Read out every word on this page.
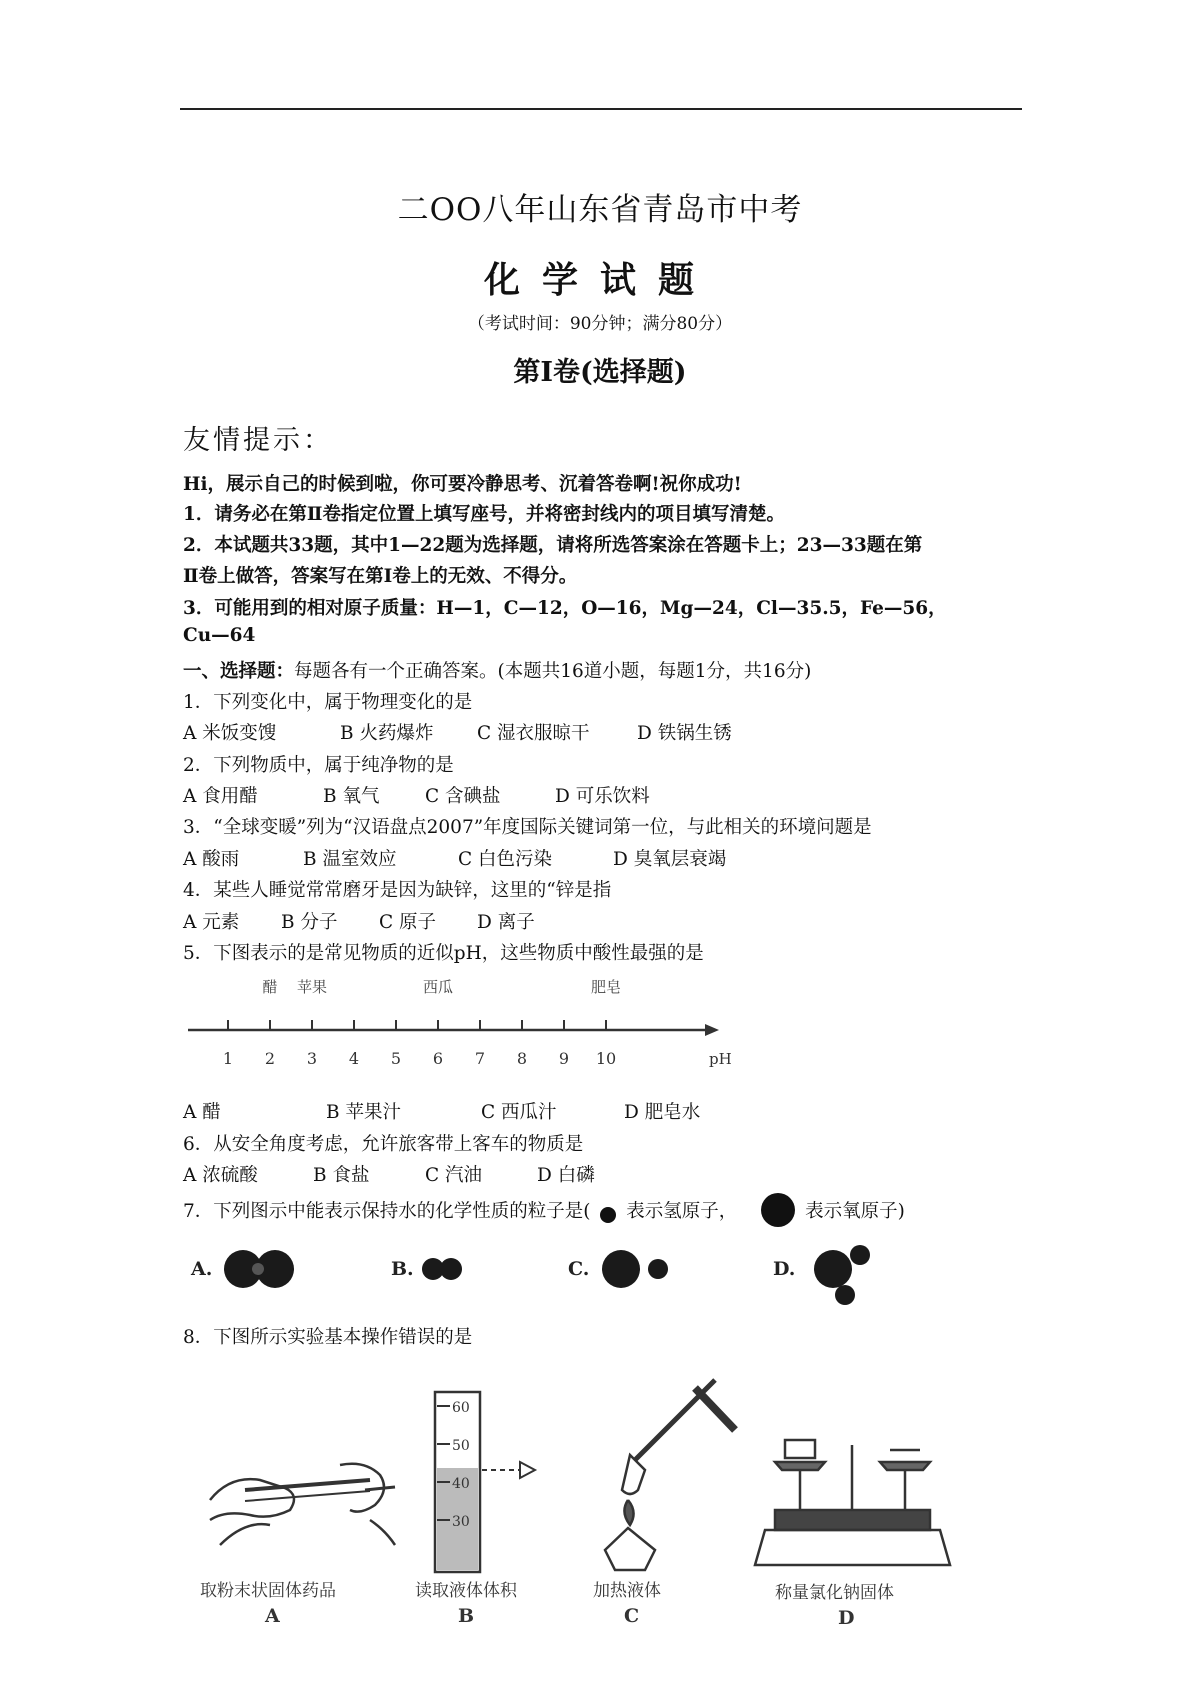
二OO八年山东省青岛市中考
化学试题
（考试时间：90分钟；满分80分）
第Ⅰ卷(选择题)
友情提示：
Hi，展示自己的时候到啦，你可要冷静思考、沉着答卷啊!祝你成功!
1．请务必在第Ⅱ卷指定位置上填写座号，并将密封线内的项目填写清楚。
2．本试题共33题，其中1—22题为选择题，请将所选答案涂在答题卡上；23—33题在第
Ⅱ卷上做答，答案写在第Ⅰ卷上的无效、不得分。
3．可能用到的相对原子质量：H—1，C—12，O—16，Mg—24，Cl—35.5，Fe—56，
Cu—64
一、选择题：每题各有一个正确答案。(本题共16道小题，每题1分，共16分)
1．下列变化中，属于物理变化的是
A 米饭变馊	B 火药爆炸 C 湿衣服晾干	D 铁锅生锈
2．下列物质中，属于纯净物的是
A 食用醋	B 氧气 C 含碘盐	D 可乐饮料
3．“全球变暖”列为“汉语盘点2007”年度国际关键词第一位，与此相关的环境问题是
A 酸雨	B 温室效应	C 白色污染	D 臭氧层衰竭
4．某些人睡觉常常磨牙是因为缺锌，这里的“锌是指
A 元素 B 分子 C 原子 D 离子
5．下图表示的是常见物质的近似pH，这些物质中酸性最强的是
醋 苹果	西瓜	肥皂
1 2 3 4 5 6 7 8 9 10	pH
A 醋	B 苹果汁	C 西瓜汁	D 肥皂水
6．从安全角度考虑，允许旅客带上客车的物质是
A 浓硫酸	B 食盐	C 汽油	D 白磷
7．下列图示中能表示保持水的化学性质的粒子是( 表示氢原子，	表示氧原子)
A.	B.	C.	D.
8．下图所示实验基本操作错误的是
取粉末状固体药品
A
60
50
40
30
读取液体体积
B
加热液体
C
称量氯化钠固体
D
